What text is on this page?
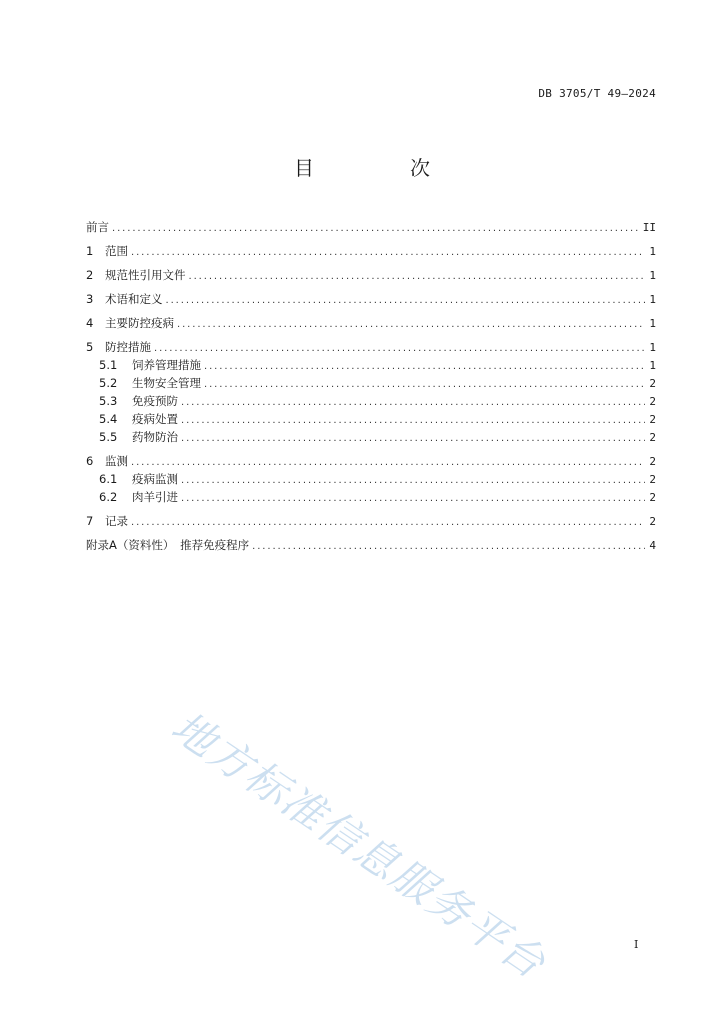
DB 3705/T 49—2024
目　次
前言 .....	II
1	范围 .....	1
2	规范性引用文件 .....	1
3	术语和定义 .....	1
4	主要防控疫病 .....	1
5	防控措施 .....	1
5.1	饲养管理措施 .....	1
5.2	生物安全管理 .....	2
5.3	免疫预防 .....	2
5.4	疫病处置 .....	2
5.5	药物防治 .....	2
6	监测 .....	2
6.1	疫病监测 .....	2
6.2	肉羊引进 .....	2
7	记录 .....	2
附录A（资料性）　推荐免疫程序 .....	4
地方标准信息服务平台	I
